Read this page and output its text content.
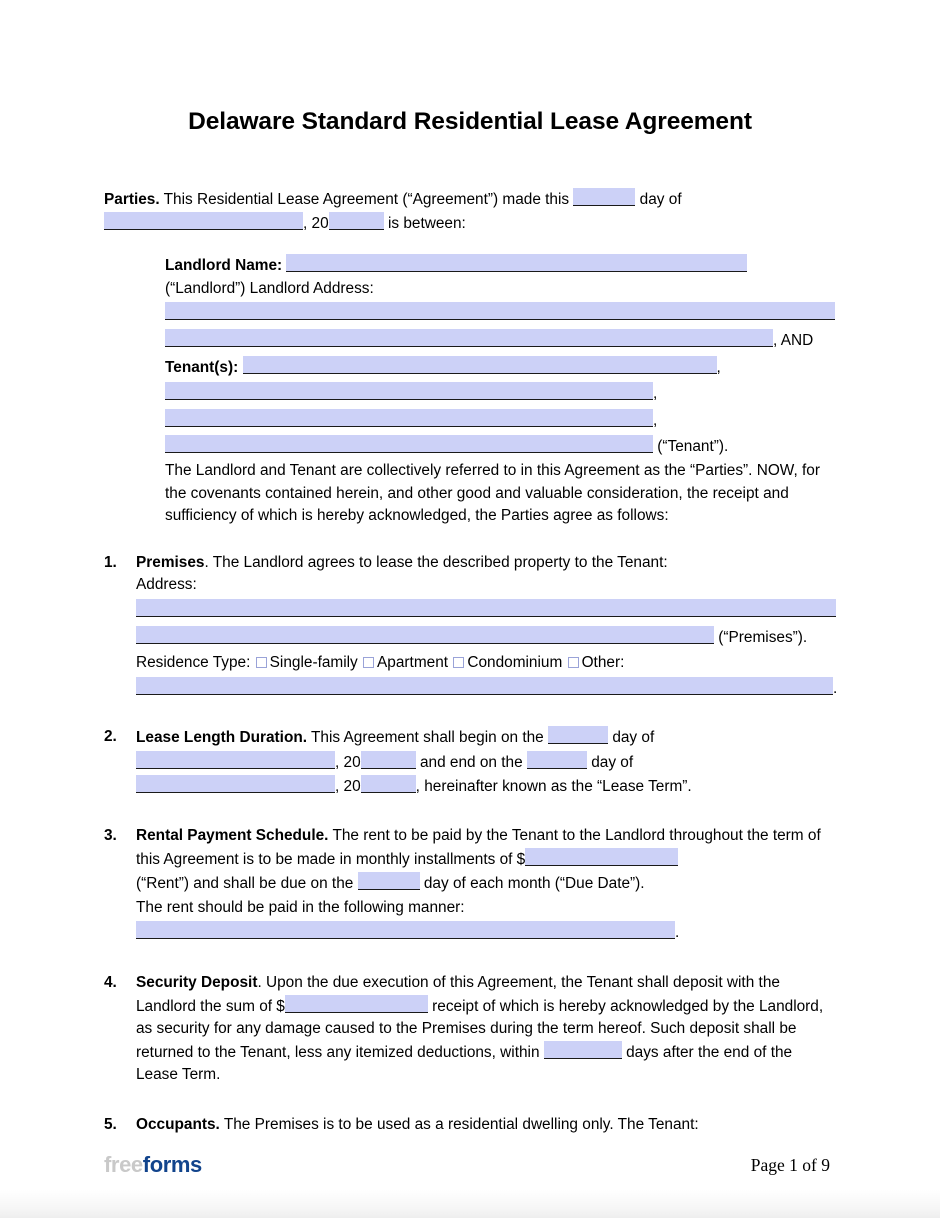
Delaware Standard Residential Lease Agreement
Parties. This Residential Lease Agreement (“Agreement”) made this	day of
, 20	is between:
Landlord Name:
(“Landlord”) Landlord Address:
, AND
Tenant(s):	,
,
,
(“Tenant”).
The Landlord and Tenant are collectively referred to in this Agreement as the “Parties”. NOW, for the covenants contained herein, and other good and valuable consideration, the receipt and sufficiency of which is hereby acknowledged, the Parties agree as follows:
1.	Premises. The Landlord agrees to lease the described property to the Tenant:
Address:
(“Premises”).
Residence Type: Single-family Apartment Condominium Other:
.
2.	Lease Length Duration. This Agreement shall begin on the	day of
, 20	and end on the	day of
, 20	, hereinafter known as the “Lease Term”.
3.	Rental Payment Schedule. The rent to be paid by the Tenant to the Landlord throughout the term of this Agreement is to be made in monthly installments of $
(“Rent”) and shall be due on the	day of each month (“Due Date”).
The rent should be paid in the following manner:
.
4.	Security Deposit. Upon the due execution of this Agreement, the Tenant shall deposit with the Landlord the sum of $	receipt of which is hereby acknowledged by the Landlord, as security for any damage caused to the Premises during the term hereof. Such deposit shall be returned to the Tenant, less any itemized deductions, within	days after the end of the Lease Term.
5.	Occupants. The Premises is to be used as a residential dwelling only. The Tenant:
freeforms	Page 1 of 9
